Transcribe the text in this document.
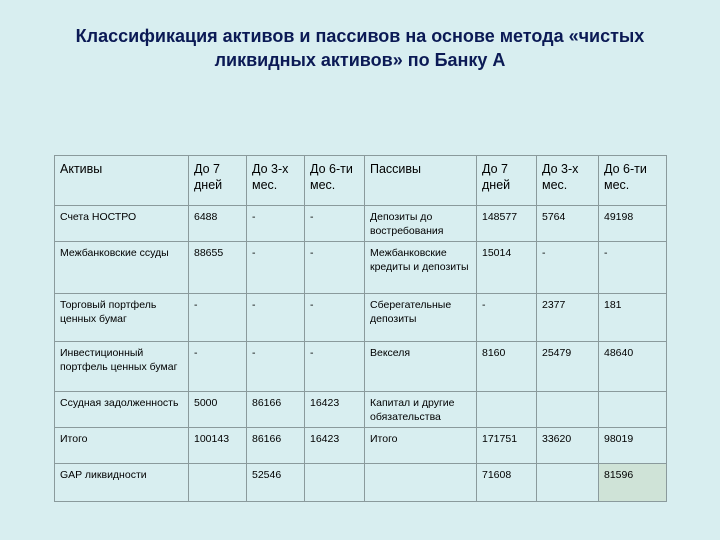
Классификация активов и пассивов на основе метода «чистых
ликвидных активов» по Банку А
Активы	До 7 дней	До 3-х мес.	До 6-ти мес.	Пассивы	До 7 дней	До 3-х мес.	До 6-ти мес.
Счета НОСТРО	6488	-	-	Депозиты до востребования	148577	5764	49198
Межбанковские ссуды	88655	-	-	Межбанковские кредиты и депозиты	15014	-	-
Торговый портфель ценных бумаг	-	-	-	Сберегательные депозиты	-	2377	181
Инвестиционный портфель ценных бумаг	-	-	-	Векселя	8160	25479	48640
Ссудная задолженность	5000	86166	16423	Капитал и другие обязательства			
Итого	100143	86166	16423	Итого	171751	33620	98019
GAP ликвидности		52546			71608		81596
